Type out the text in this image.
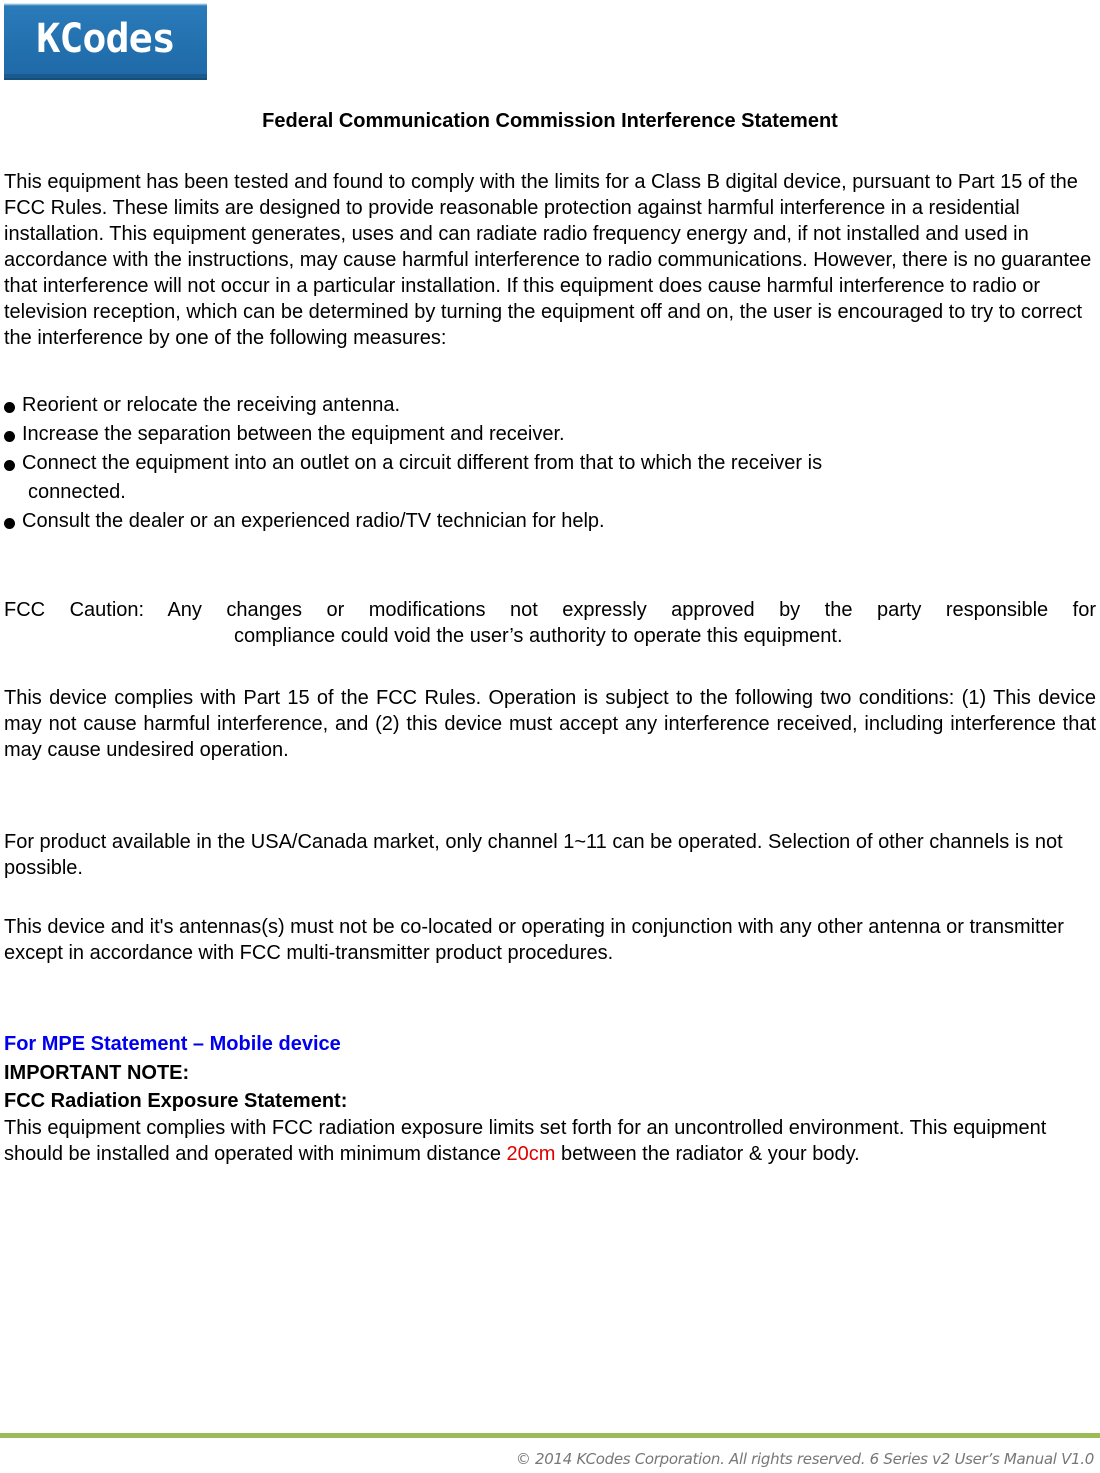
KCodes
Federal Communication Commission Interference Statement

This equipment has been tested and found to comply with the limits for a Class B digital device, pursuant to Part 15 of the FCC Rules. These limits are designed to provide reasonable protection against harmful interference in a residential installation. This equipment generates, uses and can radiate radio frequency energy and, if not installed and used in accordance with the instructions, may cause harmful interference to radio communications. However, there is no guarantee that interference will not occur in a particular installation. If this equipment does cause harmful interference to radio or television reception, which can be determined by turning the equipment off and on, the user is encouraged to try to correct the interference by one of the following measures:

Reorient or relocate the receiving antenna.
Increase the separation between the equipment and receiver.
Connect the equipment into an outlet on a circuit different from that to which the receiver is
connected.
Consult the dealer or an experienced radio/TV technician for help.

FCC Caution: Any changes or modifications not expressly approved by the party responsible for
compliance could void the user’s authority to operate this equipment.

This device complies with Part 15 of the FCC Rules. Operation is subject to the following two conditions: (1) This device may not cause harmful interference, and (2) this device must accept any interference received, including interference that may cause undesired operation.

For product available in the USA/Canada market, only channel 1~11 can be operated. Selection of other channels is not possible.

This device and it's antennas(s) must not be co-located or operating in conjunction with any other antenna or transmitter except in accordance with FCC multi-transmitter product procedures.

For MPE Statement – Mobile device
IMPORTANT NOTE:
FCC Radiation Exposure Statement:

This equipment complies with FCC radiation exposure limits set forth for an uncontrolled environment. This equipment should be installed and operated with minimum distance 20cm between the radiator & your body.

© 2014 KCodes Corporation. All rights reserved. 6 Series v2 User’s Manual V1.0
